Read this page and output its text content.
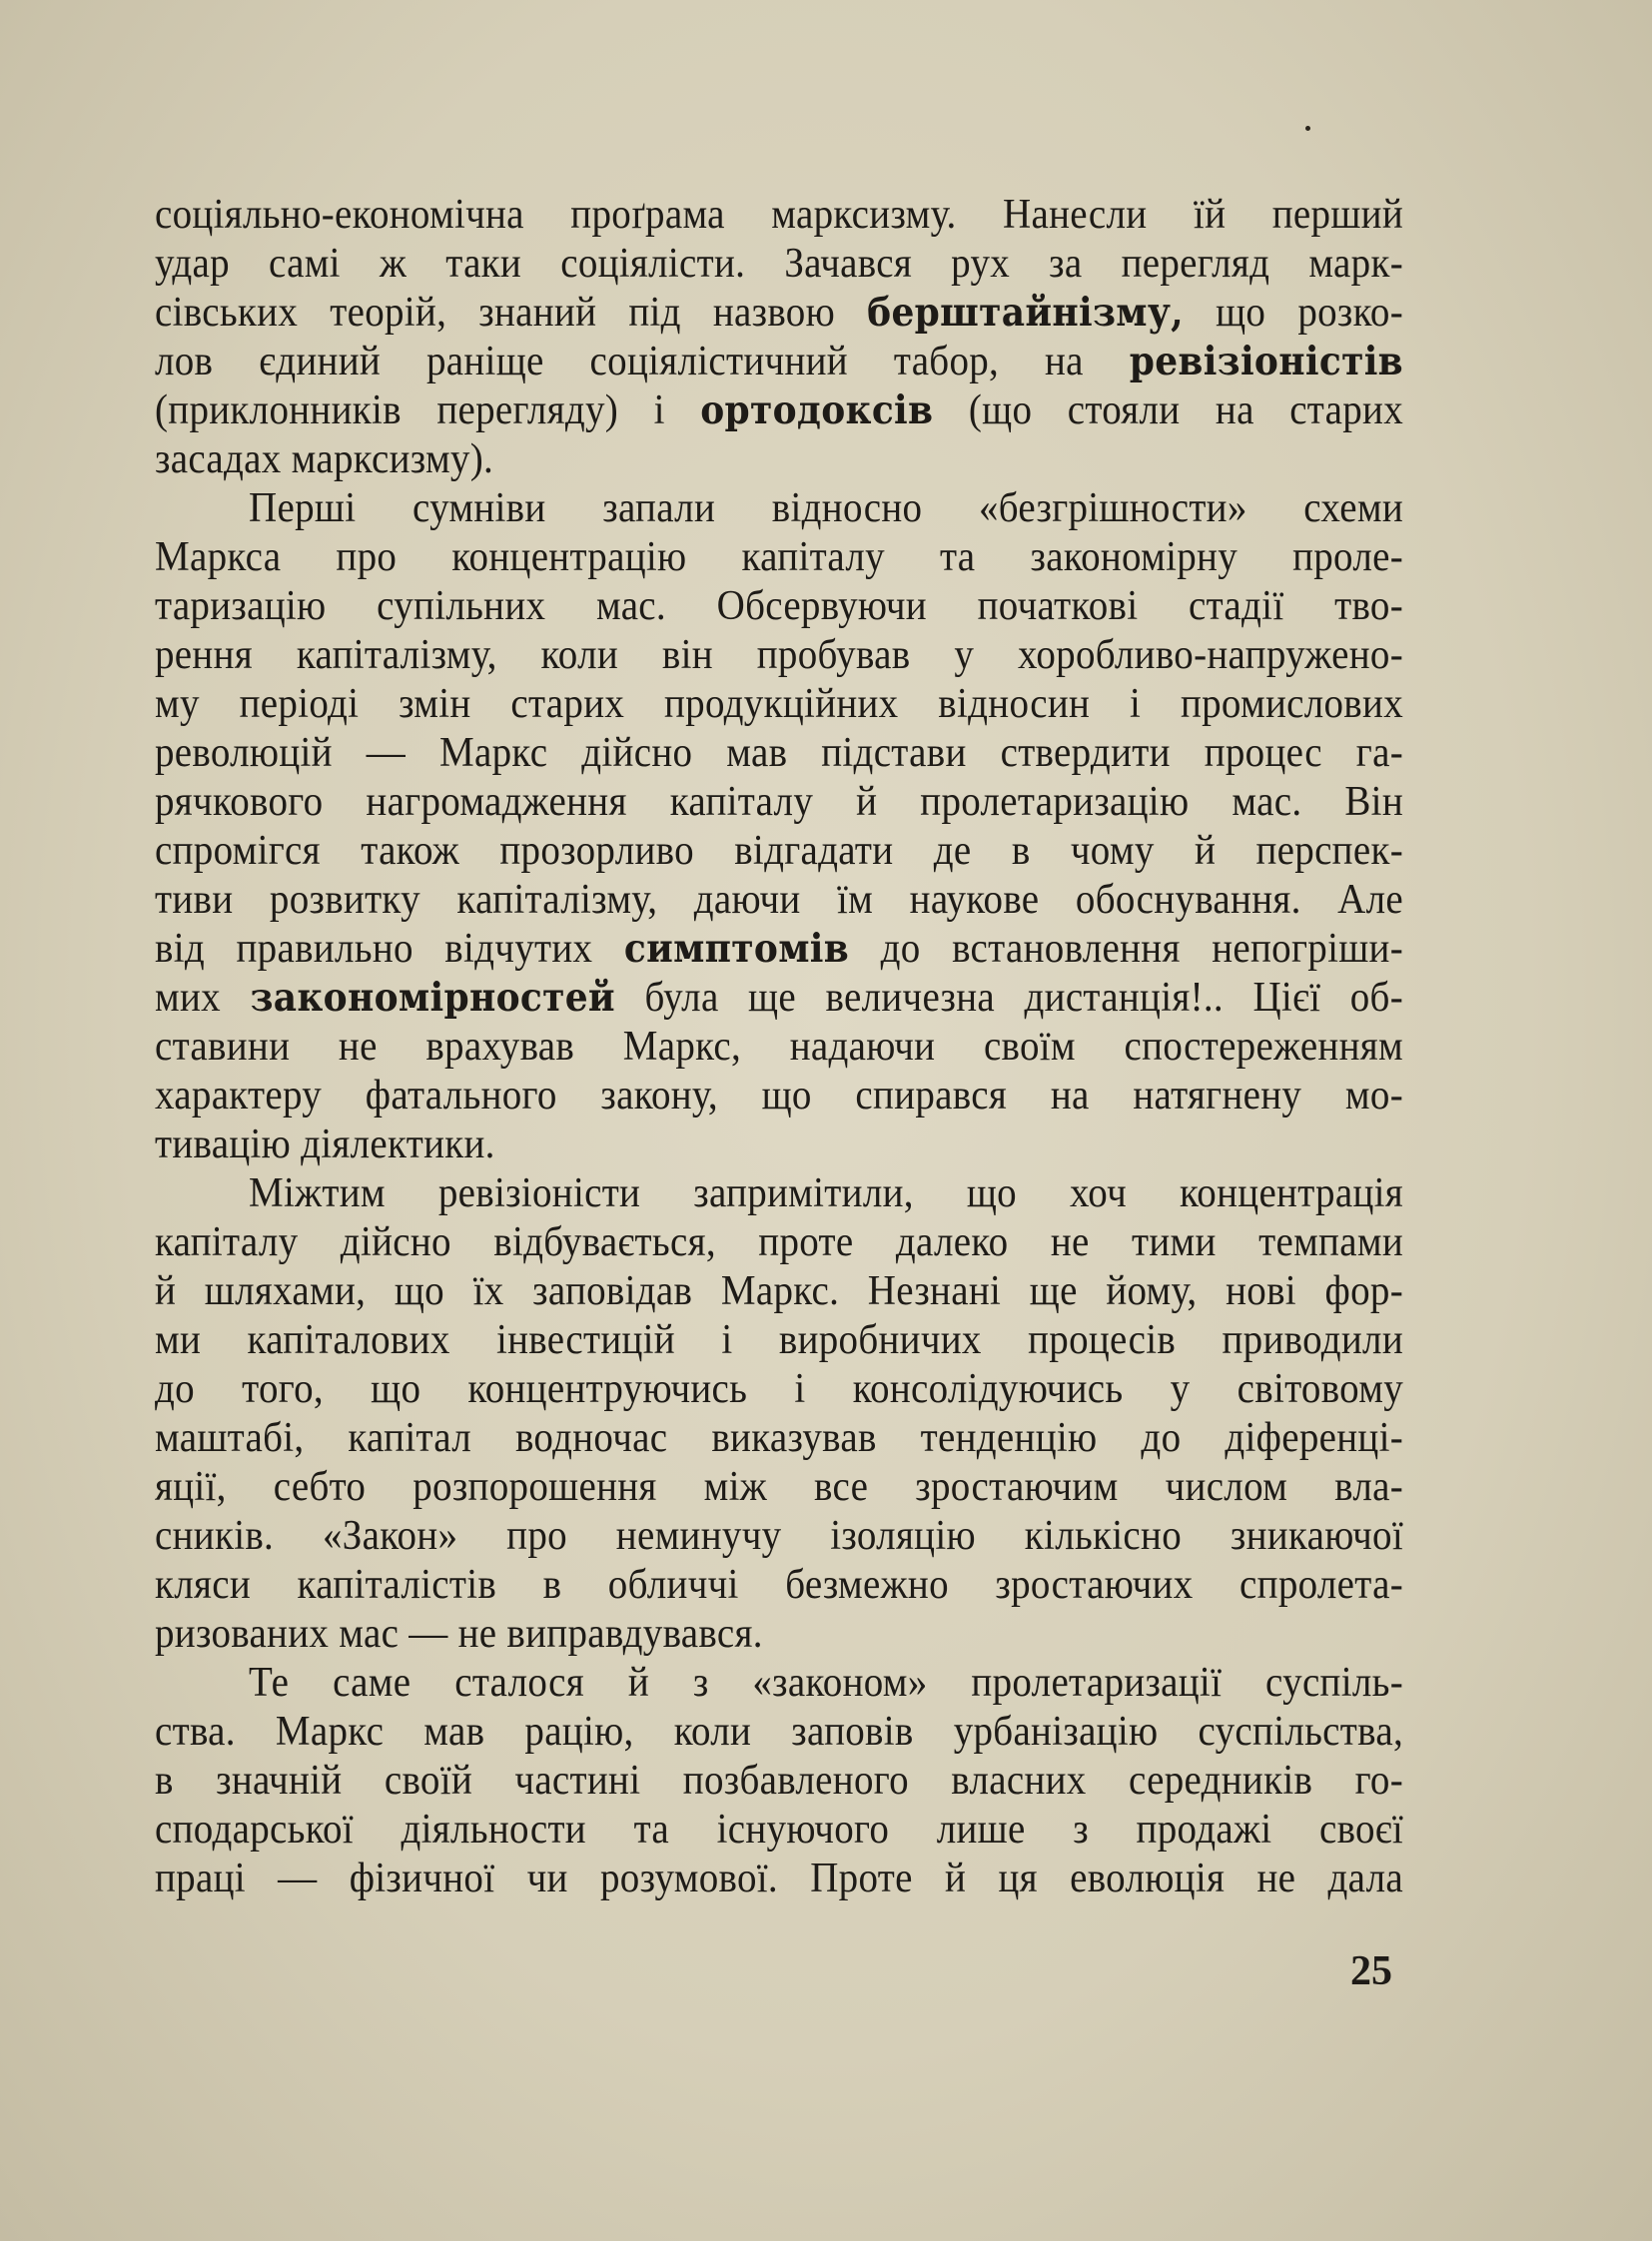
соціяльно-економічна проґрама марксизму. Нанесли їй перший
удар самі ж таки соціялісти. Зачався рух за перегляд марк-
сівських теорій, знаний під назвою берштайнізму, що розко-
лов єдиний раніще соціялістичний табор, на ревізіоністів
(приклонників перегляду) і ортодоксів (що стояли на старих
засадах марксизму).
Перші сумніви запали відносно «безгрішности» схеми
Маркса про концентрацію капіталу та закономірну проле-
таризацію супільних мас. Обсервуючи початкові стадії тво-
рення капіталізму, коли він пробував у хоробливо-напружено-
му періоді змін старих продукційних відносин і промислових
революцій — Маркс дійсно мав підстави ствердити процес га-
рячкового нагромадження капіталу й пролетаризацію мас. Він
спромігся також прозорливо відгадати де в чому й перспек-
тиви розвитку капіталізму, даючи їм наукове обоснування. Але
від правильно відчутих симптомів до встановлення непогріши-
мих закономірностей була ще величезна дистанція!.. Цієї об-
ставини не врахував Маркс, надаючи своїм спостереженням
характеру фатального закону, що спирався на натягнену мо-
тивацію діялектики.
Міжтим ревізіоністи запримітили, що хоч концентрація
капіталу дійсно відбувається, проте далеко не тими темпами
й шляхами, що їх заповідав Маркс. Незнані ще йому, нові фор-
ми капіталових інвестицій і виробничих процесів приводили
до того, що концентруючись і консолідуючись у світовому
маштабі, капітал водночас виказував тенденцію до діференці-
яції, себто розпорошення між все зростаючим числом вла-
сників. «Закон» про неминучу ізоляцію кількісно зникаючої
кляси капіталістів в обличчі безмежно зростаючих спролета-
ризованих мас — не виправдувався.
Те саме сталося й з «законом» пролетаризації суспіль-
ства. Маркс мав рацію, коли заповів урбанізацію суспільства,
в значній своїй частині позбавленого власних середників го-
сподарської діяльности та існуючого лише з продажі своєї
праці — фізичної чи розумової. Проте й ця еволюція не дала
25
